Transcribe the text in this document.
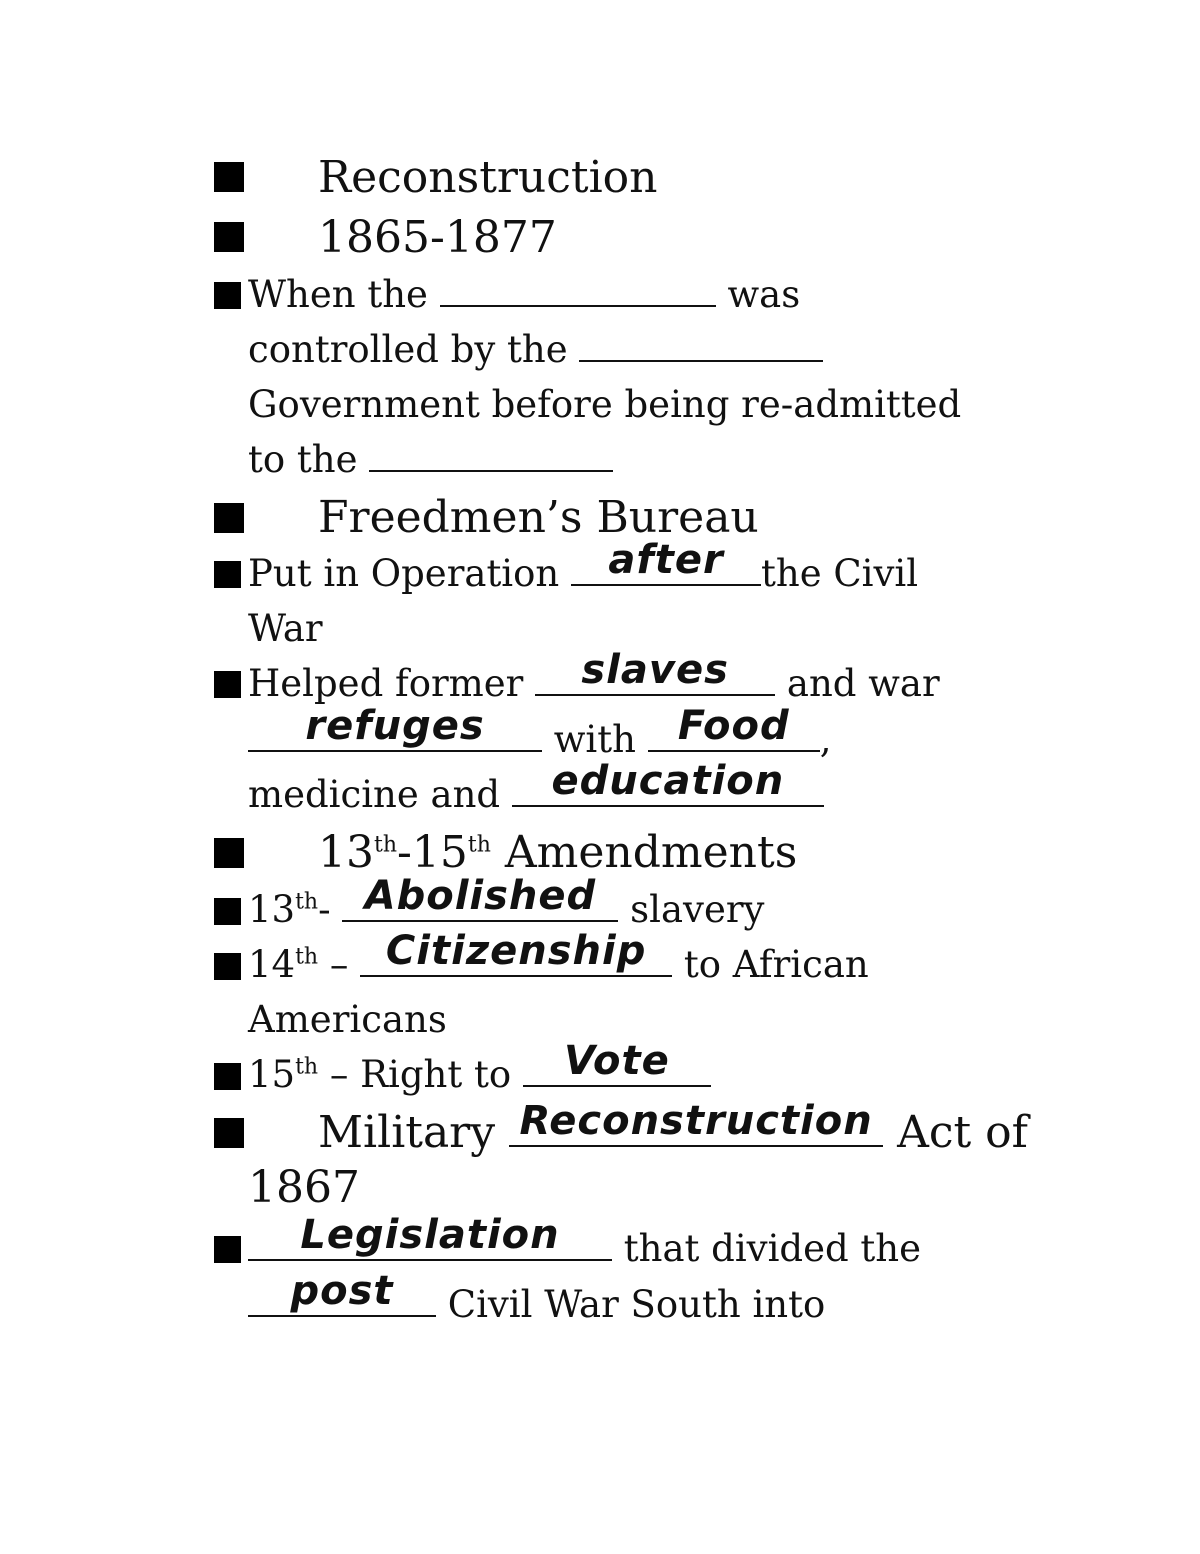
Reconstruction
1865-1877
When the	was
controlled by the
Government before being re-admitted
to the
Freedmen’s Bureau
Put in Operation after the Civil
War
Helped former slaves and war
refuges with Food ,
medicine and education
13th-15th Amendments
13th- Abolished slavery
14th – Citizenship to African
Americans
15th – Right to Vote
Military Reconstruction Act of
1867
Legislation that divided the
post Civil War South into
